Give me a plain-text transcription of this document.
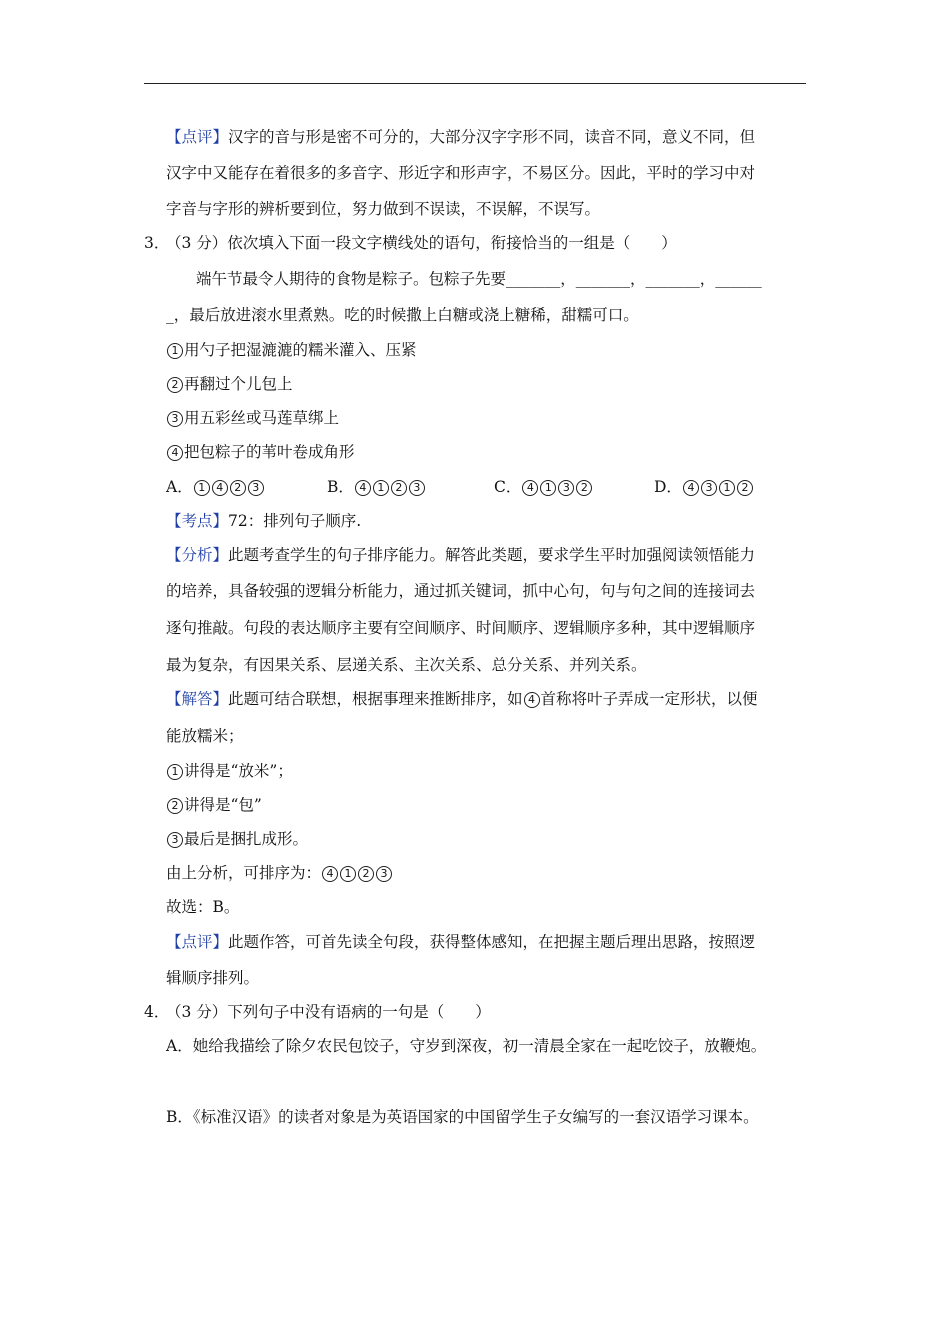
【点评】汉字的音与形是密不可分的，大部分汉字字形不同，读音不同，意义不同，但
汉字中又能存在着很多的多音字、形近字和形声字，不易区分。因此，平时的学习中对
字音与字形的辨析要到位，努力做到不误读，不误解，不误写。
3．（3 分）依次填入下面一段文字横线处的语句，衔接恰当的一组是（　　）
端午节最令人期待的食物是粽子。包粽子先要_______，_______，_______，______
_，最后放进滚水里煮熟。吃的时候撒上白糖或浇上糖稀，甜糯可口。
1 用勺子把湿漉漉的糯米灌入、压紧
2 再翻过个儿包上
3 用五彩丝或马莲草绑上
4 把包粽子的苇叶卷成角形
A． 1 4 2 3	B． 4 1 2 3	C． 4 1 3 2	D． 4 3 1 2
【考点】72：排列句子顺序.
【分析】此题考查学生的句子排序能力。解答此类题，要求学生平时加强阅读领悟能力
的培养，具备较强的逻辑分析能力，通过抓关键词，抓中心句，句与句之间的连接词去
逐句推敲。句段的表达顺序主要有空间顺序、时间顺序、逻辑顺序多种，其中逻辑顺序
最为复杂，有因果关系、层递关系、主次关系、总分关系、并列关系。
【解答】此题可结合联想，根据事理来推断排序，如 4 首称将叶子弄成一定形状，以便
能放糯米；
1 讲得是“放米”；
2 讲得是“包”
3 最后是捆扎成形。
由上分析，可排序为： 4 1 2 3
故选：B。
【点评】此题作答，可首先读全句段，获得整体感知，在把握主题后理出思路，按照逻
辑顺序排列。
4．（3 分）下列句子中没有语病的一句是（　　）
A．她给我描绘了除夕农民包饺子，守岁到深夜，初一清晨全家在一起吃饺子，放鞭炮。
B．《标准汉语》的读者对象是为英语国家的中国留学生子女编写的一套汉语学习课本。
